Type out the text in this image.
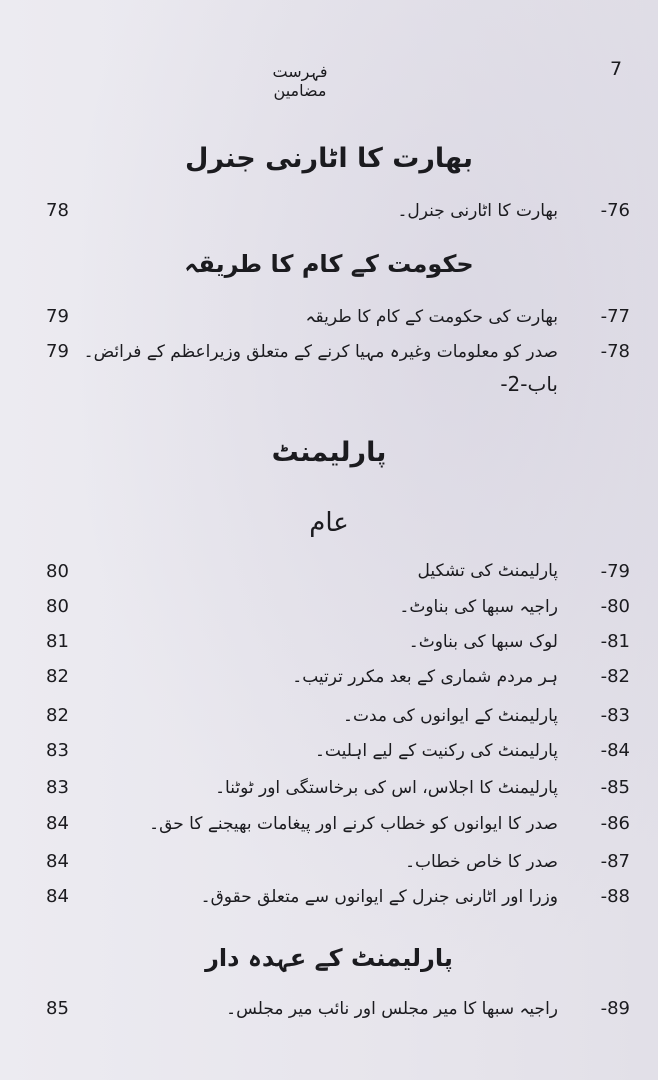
7
فہرست مضامین
بھارت کا اٹارنی جنرل
78	بھارت کا اٹارنی جنرل۔ -76
حکومت کے کام کا طریقہ
79	بھارت کی حکومت کے کام کا طریقہ -77
79 صدر کو معلومات وغیرہ مہیا کرنے کے متعلق وزیراعظم کے فرائض۔ -78
باب-2-
پارلیمنٹ
عام
80	پارلیمنٹ کی تشکیل -79
80	راجیہ سبھا کی بناوٹ۔ -80
81	لوک سبھا کی بناوٹ۔ -81
82	ہر مردم شماری کے بعد مکرر ترتیب۔ -82
82	پارلیمنٹ کے ایوانوں کی مدت۔ -83
83	پارلیمنٹ کی رکنیت کے لیے اہلیت۔ -84
83	پارلیمنٹ کا اجلاس، اس کی برخاستگی اور ٹوٹنا۔ -85
84	صدر کا ایوانوں کو خطاب کرنے اور پیغامات بھیجنے کا حق۔ -86
84	صدر کا خاص خطاب۔ -87
84	وزرا اور اٹارنی جنرل کے ایوانوں سے متعلق حقوق۔ -88
پارلیمنٹ کے عہدہ دار
85	راجیہ سبھا کا میر مجلس اور نائب میر مجلس۔ -89
